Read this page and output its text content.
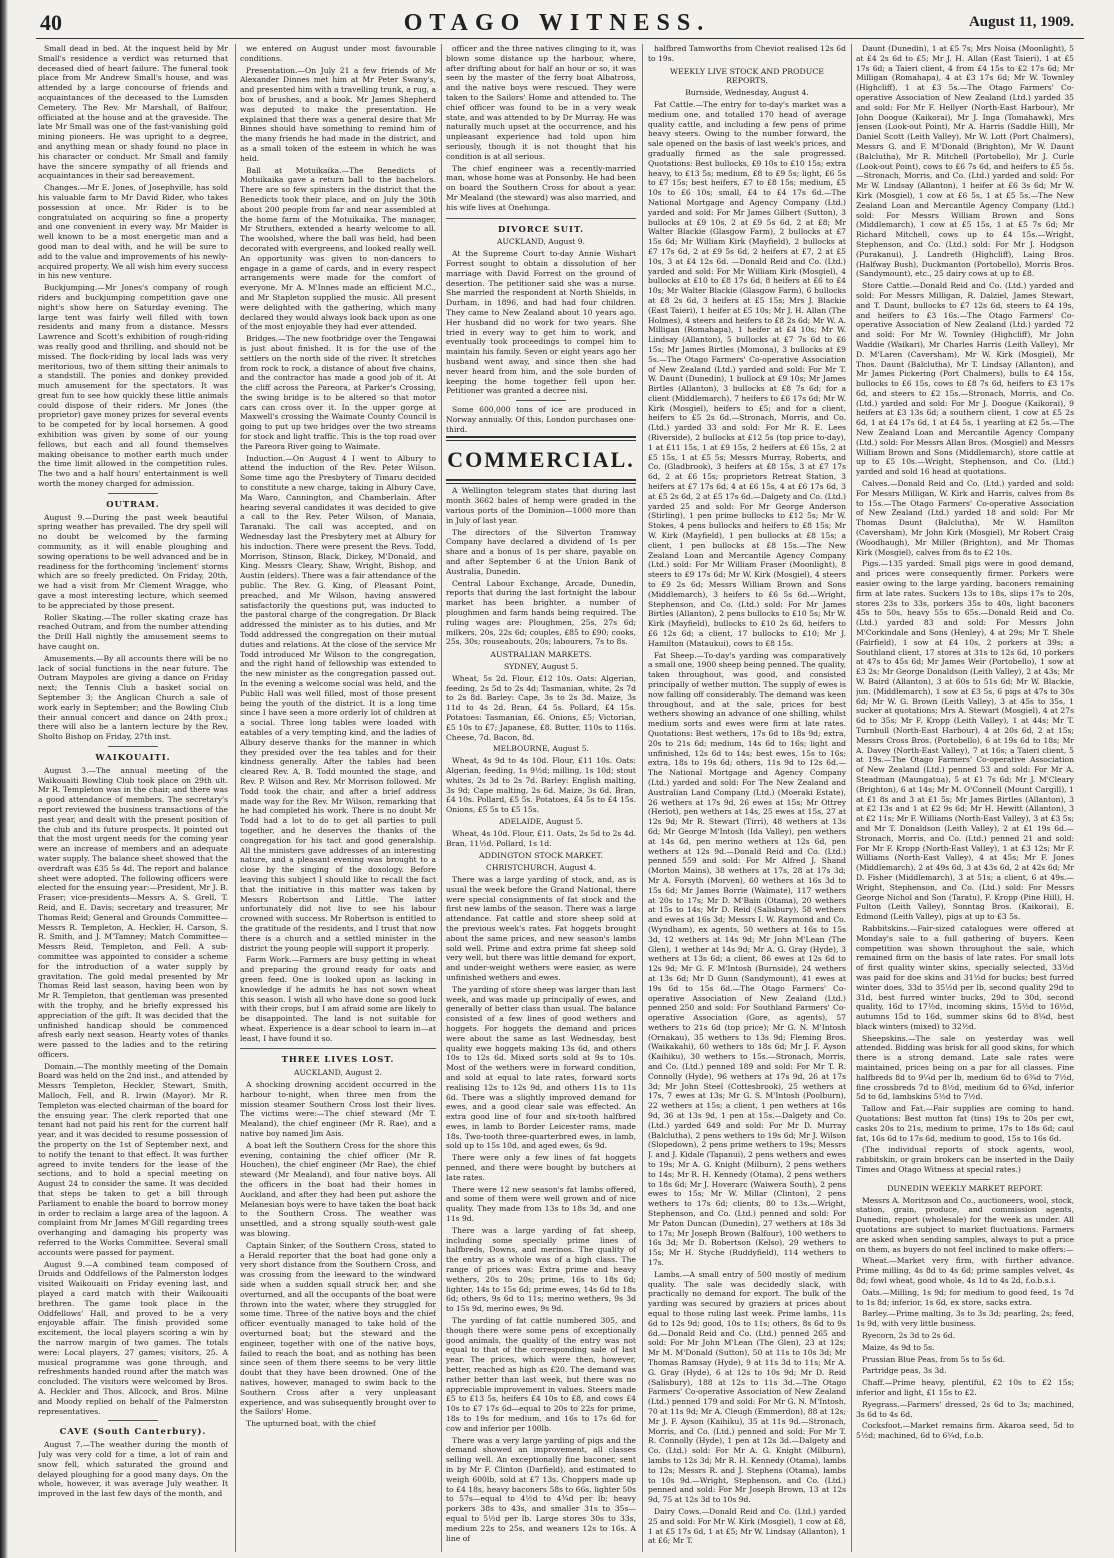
40	OTAGO WITNESS.	August 11, 1909.

Small dead in bed. At the inquest held by Mr Small's residence a verdict was returned that deceased died of heart failure. The funeral took place from Mr Andrew Small's house, and was attended by a large concourse of friends and acquaintances of the deceased to the Lumsden Cemetery. The Rev. Mr Marshall, of Balfour, officiated at the house and at the graveside. The late Mr Small was one of the fast-vanishing gold mining pioneers. He was upright to a degree, and anything mean or shady found no place in his character or conduct. Mr Small and family have the sincere sympathy of all friends and acquaintances in their sad bereavement.

Changes.—Mr E. Jones, of Josephville, has sold his valuable farm to Mr David Rider, who takes possession at once. Mr Rider is to be congratulated on acquiring so fine a property and one convenient in every way. Mr Maider is well known to be a most energetic man and a good man to deal with, and he will be sure to add to the value and improvements of his newly-acquired property. We all wish him every success in his new venture.

Buckjumping.—Mr Jones's company of rough riders and buckjumping competition gave one night's show here on Saturday evening. The large tent was fairly well filled with town residents and many from a distance. Messrs Lawrence and Scott's exhibition of rough-riding was really good and thrilling, and should not be missed. The flock-riding by local lads was very meritorious, two of them sitting their animals to a standstill. The ponies and donkey provided much amusement for the spectators. It was great fun to see how quickly these little animals could dispose of their riders. Mr Jones (the proprietor) gave money prizes for several events to be competed for by local horsemen. A good exhibition was given by some of our young fellows, but each and all found themselves making obeisance to mother earth much under the time limit allowed in the competition rules. The two and a half hours' entertainment is well worth the money charged for admission.

OUTRAM.

August 9.—During the past week beautiful spring weather has prevailed. The dry spell will no doubt be welcomed by the farming community, as it will enable ploughing and sowing operations to be well advanced and be in readiness for the forthcoming 'inclement' storms which are so freely predicted. On Friday, 20th, we had a visit from Mr Clement Wragge, who gave a most interesting lecture, which seemed to be appreciated by those present.

Roller Skating.—The roller skating craze has reached Outram, and from the number attending the Drill Hall nightly the amusement seems to have caught on.

Amusements.—By all accounts there will be no lack of social functions in the near future. The Outram Maypoles are giving a dance on Friday next; the Tennis Club a basket social on September 3; the Anglican Church a sale of work early in September; and the Bowling Club their annual concert and dance on 24th prox.; there will also be a lantern lecture by the Rev. Sholto Bishop on Friday, 27th inst.

WAIKOUAITI.

August 3.—The annual meeting of the Waikouaiti Bowling Club took place on 29th ult. Mr R. Templeton was in the chair, and there was a good attendance of members. The secretary's report reviewed the business transactions of the past year, and dealt with the present position of the club and its future prospects. It pointed out that the most urgent needs for the coming year were an increase of members and an adequate water supply. The balance sheet showed that the overdraft was £35 5s 4d. The report and balance sheet were adopted. The following officers were elected for the ensuing year:—President, Mr J. B. Fraser; vice-presidents—Messrs A. S. Grell, T. Reid, and E. Davis; secretary and treasurer, Mr Thomas Reid; General and Grounds Committee—Messrs R. Templeton, A. Heckler, H. Carson, S. R. Smith, and J. M'Tamney; Match Committee—Messrs Reid, Templeton, and Fell. A sub-committee was appointed to consider a scheme for the introduction of a water supply by gravitation. The gold medal presented by Mr Thomas Reid last season, having been won by Mr R. Templeton, that gentleman was presented with the trophy, and he briefly expressed his appreciation of the gift. It was decided that the unfinished handicap should be commenced afresh early next season. Hearty votes of thanks were passed to the ladies and to the retiring officers.

Domain.—The monthly meeting of the Domain Board was held on the 2nd inst., and attended by Messrs Templeton, Heckler, Stewart, Smith, Malloch, Fell, and R. Irwin (Mayor). Mr R. Templeton was elected chairman of the board for the ensuing year. The clerk reported that one tenant had not paid his rent for the current half year, and it was decided to resume possession of the property on the 1st of September next, and to notify the tenant to that effect. It was further agreed to invite tenders for the lease of the sections, and to hold a special meeting on August 24 to consider the same. It was decided that steps be taken to get a bill through Parliament to enable the board to borrow money in order to reclaim a large area of the lagoon. A complaint from Mr James M'Gill regarding trees overhanging and damaging his property was referred to the Works Committee. Several small accounts were passed for payment.

August 9.—A combined team composed of Druids and Oddfellows of the Palmerston lodges visited Waikouaiti on Friday evening last, and played a card match with their Waikouaiti brethren. The game took place in the Oddfellows' Hall, and proved to be a very enjoyable affair. The finish provided some excitement, the local players scoring a win by the narrow margin of two games. The totals were: Local players, 27 games; visitors, 25. A musical programme was gone through, and refreshments handed round after the match was concluded. The visitors were welcomed by Bros. A. Heckler and Thos. Allcock, and Bros. Milne and Moody replied on behalf of the Palmerston representatives.

CAVE (South Canterbury).

August 7.—The weather during the month of July was very cold for a time, a lot of rain and snow fell, which saturated the ground and delayed ploughing for a good many days. On the whole, however, it was average July weather. It improved in the last few days of the month, and

we entered on August under most favourable conditions.

Presentation.—On July 21 a few friends of Mr Alexander Dinnes met him at Mr Peter Swany's, and presented him with a travelling trunk, a rug, a box of brushes, and a book. Mr James Shepherd was deputed to make the presentation. He explained that there was a general desire that Mr Binnes should have something to remind him of the many friends he had made in the district, and as a small token of the esteem in which he was held.

Ball at Motuikaika.—The Benedicts of Motuikaika gave a return ball to the bachelors. There are so few spinsters in the district that the Benedicts took their place, and on July the 30th about 200 people from far and near assembled at the home farm of the Motuikaika. The manager, Mr Struthers, extended a hearty welcome to all. The woolshed, where the ball was held, had been decorated with evergreens, and looked really well. An opportunity was given to non-dancers to engage in a game of cards, and in every respect arrangements were made for the comfort of everyone. Mr A. M'Innes made an efficient M.C., and Mr Stapleton supplied the music. All present were delighted with the gathering, which many declared they would always look back upon as one of the most enjoyable they had ever attended.

Bridges.—The new footbridge over the Tengawai is just about finished. It is for the use of the settlers on the north side of the river. It stretches from rock to rock, a distance of about five chains, and the contractor has made a good job of it. At the cliff across the Pareora, at Parker's Crossing, the swing bridge is to be altered so that motor cars can cross over it. In the upper gorge at Maxwell's crossing the Waimate County Council is going to put up two bridges over the two streams for stock and light traffic. This is the top road over the Pareora River going to Waimate.

Induction.—On August 4 I went to Albury to attend the induction of the Rev. Peter Wilson. Some time ago the Presbytery of Timaru decided to constitute a new charge, taking in Albury Cave, Ma Waro, Cannington, and Chamberlain. After hearing several candidates it was decided to give a call to the Rev. Peter Wilson, of Manaia, Taranaki. The call was accepted, and on Wednesday last the Presbytery met at Albury for his induction. There were present the Revs. Todd, Morrison, Stinson, Black, Dickey, M'Donald, and King. Messrs Cleary, Shaw, Wright, Bishop, and Austin (elders). There was a fair attendance of the public. The Rev. G. King, of Pleasant Point, preached, and Mr Wilson, having answered satisfactorily the questions put, was inducted to the pastoral charge of the congregation. Dr Black addressed the minister as to his duties, and Mr Todd addressed the congregation on their mutual duties and relations. At the close of the service Mr Todd introduced Mr Wilson to the congregation, and the right hand of fellowship was extended to the new minister as the congregation passed out. In the evening a welcome social was held, and the Public Hall was well filled, most of those present being the youth of the district. It is a long time since I have seen a more orderly lot of children at a social. Three long tables were loaded with eatables of a very tempting kind, and the ladies of Albury deserve thanks for the manner in which they presided over the tea tables and for their kindness generally. After the tables had been cleared Rev. A. B. Todd mounted the stage, and Rev. P. Wilson and Rev. Mr Morrison followed. Mr Todd took the chair, and after a brief address made way for the Rev. Mr Wilson, remarking that he had completed his work. There is no doubt Mr Todd had a lot to do to get all parties to pull together, and he deserves the thanks of the congregation for his tact and good generalship. All the ministers gave addresses of an interesting nature, and a pleasant evening was brought to a close by the singing of the doxology. Before leaving this subject I should like to recall the fact that the initiative in this matter was taken by Messrs Robertson and Little. The latter unfortunately did not live to see his labour crowned with success. Mr Robertson is entitled to the gratitude of the residents, and I trust that now there is a church and a settled minister in the district the young people will support it properly.

Farm Work.—Farmers are busy getting in wheat and preparing the ground ready for oats and green feed. One is looked upon as lacking in knowledge if he admits he has not sown wheat this season. I wish all who have done so good luck with their crops, but I am afraid some are likely to be disappointed. The land is not suitable for wheat. Experience is a dear school to learn in—at least, I have found it so.

THREE LIVES LOST.

AUCKLAND, August 2.

A shocking drowning accident occurred in the harbour to-night, when three men from the mission steamer Southern Cross lost their lives. The victims were:—The chief steward (Mr T. Mealand), the chief engineer (Mr R. Rae), and a native boy named Jim Asis.

A boat left the Southern Cross for the shore this evening, containing the chief officer (Mr R. Houchen), the chief engineer (Mr Rae), the chief steward (Mr Mealand), and four native boys. All the officers in the boat had their homes in Auckland, and after they had been put ashore the Melanesian boys were to have taken the boat back to the Southern Cross. The weather was unsettled, and a strong squally south-west gale was blowing.

Captain Sinker, of the Southern Cross, stated to a Herald reporter that the boat had gone only a very short distance from the Southern Cross, and was crossing from the leeward to the windward side when a sudden squall struck her, and she overturned, and all the occupants of the boat were thrown into the water, where they struggled for some time. Three of the native boys and the chief officer eventually managed to take hold of the overturned boat; but the steward and the engineer, together with one of the native boys, failed to reach the boat, and as nothing has been since seen of them there seems to be very little doubt that they have been drowned. One of the natives, however, managed to swim back to the Southern Cross after a very unpleasant experience, and was subsequently brought over to the Sailors' Home.

The upturned boat, with the chief

officer and the three natives clinging to it, was blown some distance up the harbour, where, after drifting about for half an hour or so, it was seen by the master of the ferry boat Albatross, and the native boys were rescued. They were taken to the Sailors' Home and attended to. The chief officer was found to be in a very weak state, and was attended to by Dr Murray. He was naturally much upset at the occurrence, and his unpleasant experience had told upon him seriously, though it is not thought that his condition is at all serious.

The chief engineer was a recently-married man, whose home was at Ponsonby. He had been on board the Southern Cross for about a year. Mr Mealand (the steward) was also married, and his wife lives at Onehunga.

DIVORCE SUIT.

AUCKLAND, August 9.

At the Supreme Court to-day Annie Wishart Forrest sought to obtain a dissolution of her marriage with David Forrest on the ground of desertion. The petitioner said she was a nurse. She married the respondent at North Shields, in Durham, in 1896, and had had four children. They came to New Zealand about 10 years ago. Her husband did no work for two years. She tried in every way to get him to work, and eventually took proceedings to compel him to maintain his family. Seven or eight years ago her husband went away, and since then she had never heard from him, and the sole burden of keeping the home together fell upon her. Petitioner was granted a decree nisi.

Some 600,000 tons of ice are produced in Norway annually. Of this, London purchases one-third.

COMMERCIAL.

A Wellington telegram states that during last month 3662 bales of hemp were graded in the various ports of the Dominion—1000 more than in July of last year.

The directors of the Silverton Tramway Company have declared a dividend of 1s per share and a bonus of 1s per share, payable on and after September 6 at the Union Bank of Australia, Dunedin.

Central Labour Exchange, Arcade, Dunedin, reports that during the last fortnight the labour market has been brighter, a number of ploughmen and farm hands being required. The ruling wages are: Ploughmen, 25s, 27s 6d; milkers, 20s, 22s 6d; couples, £85 to £90; cooks, 25s, 30s; rouseabouts, 20s; labourers, 7s to 8s.

AUSTRALIAN MARKETS.

SYDNEY, August 5.

Wheat, 5s 2d. Flour, £12 10s. Oats: Algerian, feeding, 2s 5d to 2s 4d; Tasmanian, white, 2s 7d to 2s 8d. Barley: Cape, 3s to 2s 3d. Maize, 3s 11d to 4s 2d. Bran, £4 5s. Pollard, £4 15s. Potatoes: Tasmanian, £6. Onions, £5; Victorian, £5 10s to £7; Japanese, £8. Butter, 110s to 116s. Cheese, 7d. Bacon, 8d.

MELBOURNE, August 5.

Wheat, 4s 9d to 4s 10d. Flour, £11 10s. Oats: Algerian, feeding, 1s 9½d; milling, 1s 10d; stout whites, 2s 3d to 2s 7d. Barley: English malting, 3s 9d; Cape malting, 2s 6d. Maize, 3s 6d. Bran, £4 10s. Pollard, £5 5s. Potatoes, £4 5s to £4 15s. Onions, £5 5s to £5 15s.

ADELAIDE, August 5.

Wheat, 4s 10d. Flour, £11. Oats, 2s 5d to 2s 4d. Bran, 11½d. Pollard, 1s 1d.

ADDINGTON STOCK MARKET.

CHRISTCHURCH, August 4.

There was a large yarding of stock, and, as is usual the week before the Grand National, there were special consignments of fat stock and the first new lambs of the season. There was a large attendance. Fat cattle and store sheep sold at the previous week's rates. Fat hoggets brought about the same prices, and new season's lambs sold well. Prime and extra prime fat sheep sold very well, but there was little demand for export, and under-weight wethers were easier, as were unfinished wethers and ewes.

The yarding of store sheep was larger than last week, and was made up principally of ewes, and generally of better class than usual. The balance consisted of a few lines of good wethers and hoggets. For hoggets the demand and prices were about the same as last Wednesday, best quality ewe hoggets making 13s 6d, and others 10s to 12s 6d. Mixed sorts sold at 9s to 10s. Most of the wethers were in forward condition, and sold at equal to late rates, forward sorts realising 12s to 12s 9d, and others 11s to 11s 6d. There was a slightly improved demand for ewes, and a good clear sale was effected. An extra good line of four and six-tooth halfbred ewes, in lamb to Border Leicester rams, made 18s. Two-tooth three-quarterbred ewes, in lamb, sold up to 15s 10d, and aged ewes, 6s 9d.

There were only a few lines of fat hoggets penned, and there were bought by butchers at late rates.

There were 12 new season's fat lambs offered, and some of them were well grown and of nice quality. They made from 13s to 18s 3d, and one 11s 9d.

There was a large yarding of fat sheep, including some specially prime lines of halfbreds, Downs, and merinos. The quality of the entry as a whole was of a high class. The range of prices was: Extra prime and heavy wethers, 20s to 20s; prime, 16s to 18s 6d; lighter, 14s to 15s 6d; prime ewes, 14s 6d to 18s 6d; others, 9s 6d to 11s; merino wethers, 9s 3d to 15s 9d, merino ewes, 9s 9d.

The yarding of fat cattle numbered 305, and though there were some pens of exceptionally good animals, the quality of the entry was not equal to that of the corresponding sale of last year. The prices, which were then, however, better, reached as high as £20. The demand was rather better than last week, but there was no appreciable improvement in values. Steers made £5 to £13 5s, heifers £4 10s to £8, and cows £4 10s to £7 17s 6d—equal to 20s to 22s for prime, 18s to 19s for medium, and 16s to 17s 6d for cow and inferior per 100lb.

There was a very large yarding of pigs and the demand showed an improvement, all classes selling well. An exceptionally fine baconer, sent in by Mr F. Clinton (Darfield), and estimated to weigh 600lb, sold at £7 13s. Choppers made up to £4 18s, heavy baconers 58s to 66s, lighter 50s to 57s—equal to 4½d to 4¾d per lb; heavy porkers 38s to 43s, and smaller 31s to 35s—equal to 5½d per lb. Large stores 30s to 33s, medium 22s to 25s, and weaners 12s to 16s. A line of

halfbred Tamworths from Cheviot realised 12s 6d to 19s.

WEEKLY LIVE STOCK AND PRODUCE REPORTS.

Burnside, Wednesday, August 4.

Fat Cattle.—The entry for to-day's market was a medium one, and totalled 170 head of average quality cattle, and including a few pens of prime heavy steers. Owing to the number forward, the sale opened on the basis of last week's prices, and gradually firmed as the sale progressed. Quotations: Best bullocks, £9 10s to £10 15s; extra heavy, to £13 5s; medium, £8 to £9 5s; light, £6 5s to £7 15s; best heifers, £7 to £8 15s; medium, £5 10s to £6 10s; small, £4 to £4 17s 6d.—The National Mortgage and Agency Company (Ltd.) yarded and sold: For Mr James Gilbert (Sutton), 3 bullocks at £9 10s, 2 at £9 5s 6d, 2 at £8; Mr Walter Blackie (Glasgow Farm), 2 bullocks at £7 15s 6d; Mr William Kirk (Mayfield), 2 bullocks at £7 17s 6d, 2 at £9 5s 6d, 2 heifers at £7, 2 at £5 10s, 3 at £4 12s 6d. —Donald Reid and Co. (Ltd.) yarded and sold: For Mr William Kirk (Mosgiel), 4 bullocks at £10 to £8 17s 6d, 8 heifers at £6 to £4 10s; Mr Walter Blackie (Glasgow Farm), 6 bullocks at £8 2s 6d, 3 heifers at £5 15s; Mrs J. Blackie (East Taieri), 1 heifer at £5 10s; Mr J. H. Allan (The Holmes), 4 steers and heifers to £8 2s 6d; Mr W. A. Milligan (Romahapa), 1 heifer at £4 10s; Mr W. Lindsay (Allanton), 5 bullocks at £7 7s 6d to £6 15s; Mr James Birtles (Momona), 3 bullocks at £9 5s.—The Otago Farmers' Co-operative Association of New Zealand (Ltd.) yarded and sold: For Mr T. W. Daunt (Dunedin), 1 bullock at £9 10s; Mr James Birtles (Allanton), 3 bullocks at £8 7s 6d; for a client (Middlemarch), 7 heifers to £6 17s 6d; Mr W. Kirk (Mosgiel), heifers to £5; and for a client, heifers to £5 2s 6d.—Stronach, Morris, and Co. (Ltd.) yarded 33 and sold: For Mr R. E. Lees (Riverside), 2 bullocks at £12 5s (top price to-day), 1 at £11 15s, 1 at £9 15s, 2 heifers at £6 15s, 2 at £5 15s, 1 at £5 5s; Messrs Murray, Roberts, and Co. (Gladbrook), 3 heifers at £8 15s, 3 at £7 17s 6d, 2 at £6 15s; proprietors Retreat Station, 3 heifers at £7 17s 6d, 4 at £6 15s, 4 at £6 17s 6d, 3 at £5 2s 6d, 2 at £5 17s 6d.—Dalgety and Co. (Ltd.) yarded 25 and sold: For Mr George Anderson (Stirling), 1 pen prime bullocks to £12 5s; Mr W. Stokes, 4 pens bullocks and heifers to £8 15s; Mr W. Kirk (Mayfield), 1 pen bullocks at £8 15s; a client, 1 pen bullocks at £8 15s.—The New Zealand Loan and Mercantile Agency Company (Ltd.) sold: For Mr William Fraser (Moonlight), 8 steers to £9 17s 6d; Mr W. Kirk (Mosgiel), 4 steers to £9 2s 6d; Messrs William Brown and Sons (Middlemarch), 3 heifers to £6 5s 6d.—Wright, Stephenson, and Co. (Ltd.) sold: For Mr James Birtles (Allanton), 2 pens bullocks to £10 5s; Mr W. Kirk (Mayfield), bullocks to £10 2s 6d, heifers to £6 12s 6d; a client, 17 bullocks to £10; Mr J. Hamilton (Mataukui), cows to £8 15s.

Fat Sheep.—To-day's yarding was comparatively a small one, 1900 sheep being penned. The quality, taken throughout, was good, and consisted principally of wether mutton. The supply of ewes is now falling off considerably. The demand was keen throughout, and at the sale, prices for best wethers showing an advance of one shilling, whilst medium sorts and ewes were firm at late rates. Quotations: Best wethers, 17s 6d to 18s 9d; extra, 20s to 21s 6d; medium, 14s 6d to 16s; light and unfinished, 12s 6d to 14s; best ewes, 15s to 16s; extra, 18s to 19s 6d; others, 11s 9d to 12s 6d.—The National Mortgage and Agency Company (Ltd.) yarded and sold: For The New Zealand and Australian Land Company (Ltd.) (Moeraki Estate), 26 wethers at 17s 9d, 26 ewes at 15s; Mr Ottrey (Heriot), pen wethers at 14s, 25 ewes at 15s, 27 at 12s 9d; Mr R. Stewart (Tirri), 48 wethers at 13s 6d; Mr George M'Intosh (Ida Valley), pen wethers at 14s 6d, pen merino wethers at 12s 6d, pen wethers at 12s 9d.—Donald Reid and Co. (Ltd.) penned 559 and sold: For Mr Alfred J. Shand (Morton Mains), 38 wethers at 17s, 28 at 17s 3d; Mr A. Forsyth (Morven), 60 wethers at 16s 3d to 15s 6d; Mr James Borrie (Waimate), 117 wethers at 20s to 17s; Mr D. M'Bain (Otama), 20 wethers at 15s to 14s; Mr D. Reid (Salisbury), 58 wethers and ewes at 16s 3d; Messrs I. W. Raymond and Co. (Wyndham), ex agents, 50 wethers at 16s to 15s 3d, 12 wethers at 14s 9d; Mr John M'Lean (The Glen), 1 wether at 14s 9d; Mr A. G. Gray (Hyde), 3 wethers at 13s 6d; a client, 86 ewes at 12s 6d to 12s 9d; Mr G. F. M'Intosh (Burnside), 24 wethers at 13s 6d; Mr D Gunn (Sandymount), 41 ewes at 19s 6d to 15s 6d.—The Otago Farmers' Co-operative Association of New Zealand (Ltd.) penned 250 and sold: For Southland Farmers' Co-operative Association (Gore, as agents), 57 wethers to 21s 6d (top price); Mr G. N. M'Intosh (Ornakau), 35 wethers to 13s 9d; Fleming Bros. (Waikakahi), 60 wethers to 18s 6d; Mr J. F. Ayson (Kaihiku), 30 wethers to 15s.—Stronach, Morris, and Co. (Ltd.) penned 189 and sold: For Mr T. R. Connolly (Hyde), 96 wethers at 17s 9d, 26 at 17s 3d; Mr John Steel (Cottesbrook), 25 wethers at 17s, 7 ewes at 13s; Mr G. S. M'Intosh (Poolburn), 22 wethers at 15s; a client, 1 pen wethers at 16s 9d, 36 at 13s 9d, 1 pen at 15s.—Dalgety and Co. (Ltd.) yarded 649 and sold: For Mr D. Murray (Balclutha), 2 pens wethers to 19s 6d; Mr J. Wilson (Slopedown), 2 pens prime wethers to 19s; Messrs J. and J. Kidale (Tapanui), 2 pens wethers and ewes to 19s; Mr A. G. Knight (Milburn), 2 pens wethers to 14s; Mr R. H. Kennedy (Otama), 2 pens wethers to 18s 6d; Mr J. Hoverarc (Waiwera South), 2 pens ewes to 15s; Mr W. Millar (Clinton), 2 pens wethers to 17s 6d; clients, 80 to 13s.—Wright, Stephenson, and Co. (Ltd.) penned and sold: For Mr Paton Duncan (Dunedin), 27 wethers at 18s 3d to 17s; Mr Joseph Brown (Balfour), 100 wethers to 16s 3d; Mr D. Robertson (Kelso), 29 wethers to 15s; Mr H. Styche (Ruddyfield), 114 wethers to 17s.

Lambs.—A small entry of 500 mostly of medium quality. The sale was decidedly slack, with practically no demand for export. The bulk of the yarding was secured by graziers at prices about equal to those ruling last week. Prime lambs, 11s 6d to 12s 9d; good, 10s to 11s; others, 8s 6d to 9s 6d.—Donald Reid and Co. (Ltd.) penned 265 and sold: For Mr John M'Lean (The Glen), 23 at 12s; Mr M. M'Donald (Sutton), 50 at 11s to 10s 3d; Mr Thomas Ramsay (Hyde), 9 at 11s 3d to 11s; Mr A. G. Gray (Hyde), 6 at 12s to 10s 9d; Mr D. Reid (Salisbury), 188 at 12s to 11s 3d.—The Otago Farmers' Co-operative Association of New Zealand (Ltd.) penned 179 and sold: For Mr G. N. M'Intosh, 70 at 11s 9d; Mr A. Cleugh (Emmerdon), 88 at 12s; Mr J. F. Ayson (Kaihiku), 35 at 11s 9d.—Stronach, Morris, and Co. (Ltd.) penned and sold: For Mr T. R. Connolly (Hyde), 1 pen at 12s 3d.—Dalgety and Co. (Ltd.) sold: For Mr A. G. Knight (Milburn), lambs to 12s 3d; Mr R. H. Kennedy (Otama), lambs to 12s; Messrs R. and J. Stephens (Otama), lambs to 10s 9d.—Wright, Stephenson, and Co. (Ltd.) penned and sold: For Mr Joseph Brown, 13 at 12s 9d, 75 at 12s 3d to 10s 9d.

Dairy Cows.—Donald Reid and Co. (Ltd.) yarded 25 and sold: For Mr W. Kirk (Mosgiel), 1 cow at £8, 1 at £5 17s 6d, 1 at £5; Mr W. Lindsay (Allanton), 1 at £6; Mr T.

Daunt (Dunedin), 1 at £5 7s; Mrs Noisa (Moonlight), 5 at £4 2s 6d to £5; Mr J. H. Allan (East Taieri), 1 at £5 17s 6d; a Taieri client, 4 from £4 15s to £2 17s 6d; Mr Milligan (Romahapa), 4 at £3 17s 6d; Mr W. Townley (Highcliff), 1 at £3 5s.—The Otago Farmers' Co-operative Association of New Zealand (Ltd.) yarded 35 and sold: For Mr F. Hellyer (North-East Harbour), Mr John Doogue (Kaikorai), Mr J. Inga (Tomahawk), Mrs Jensen (Look-out Point), Mr A. Harris (Saddle Hill), Mr Daniel Scott (Leith Valley), Mr W. Lott (Port Chalmers), Messrs G. and F. M'Donald (Brighton), Mr W. Daunt (Balclutha), Mr R. Mitchell (Portobello), Mr J. Curle (Look-out Point), cows to £6 7s 6d, and heifers to £5 5s.—Stronach, Morris, and Co. (Ltd.) yarded and sold: For Mr W. Lindsay (Allanton), 1 heifer at £6 3s 6d; Mr W. Kirk (Mosgiel), 1 cow at £6 5s, 1 at £5 5s.—The New Zealand Loan and Mercantile Agency Company (Ltd.) sold: For Messrs William Brown and Sons (Middlemarch), 1 cow at £5 15s, 1 at £5 7s 6d; Mr Richard Mitchell, cows up to £4 15s.—Wright, Stephenson, and Co. (Ltd.) sold: For Mr J. Hodgson (Purakanui), J. Landreth (Highcliff), Laing Bros. (Halfway Bush), Duckmanton (Portobello), Morris Bros. (Sandymount), etc., 25 dairy cows at up to £8.

Store Cattle.—Donald Reid and Co. (Ltd.) yarded and sold: For Messrs Milligan, R. Dalziel, James Stewart, and T. Daunt, bullocks to £7 12s 6d, steers to £4 19s, and heifers to £3 16s.—The Otago Farmers' Co-operative Association of New Zealand (Ltd.) yarded 72 and sold: For Mr W. Townley (Highcliff), Mr John Waddie (Waikari), Mr Charles Harris (Leith Valley), Mr D. M'Laren (Caversham), Mr W. Kirk (Mosgiel), Mr Thos. Daunt (Balclutha), Mr T. Lindsay (Allanton), and Mr James Pickering (Port Chalmers), bulls to £4 15s, bullocks to £6 15s, cows to £8 7s 6d, heifers to £3 17s 6d, and steers to £2 15s.—Stronach, Morris, and Co. (Ltd.) yarded and sold: For Mr J. Doogue (Kaikorai), 9 heifers at £3 13s 6d; a southern client, 1 cow at £5 2s 6d, 1 at £4 17s 6d, 1 at £4 5s, 1 yearling at £2 5s.—The New Zealand Loan and Mercantile Agency Company (Ltd.) sold: For Messrs Allan Bros. (Mosgiel) and Messrs William Brown and Sons (Middlemarch), store cattle at up to £5 10s.—Wright, Stephenson, and Co. (Ltd.) yarded and sold 16 head at quotations.

Calves.—Donald Reid and Co. (Ltd.) yarded and sold: For Messrs Milligan, W. Kirk and Harris, calves from 8s to 15s.—The Otago Farmers' Co-operative Association of New Zealand (Ltd.) yarded 18 and sold: For Mr Thomas Daunt (Balclutha), Mr W. Hamilton (Caversham), Mr John Kirk (Mosgiel), Mr Robert Craig (Woodhaugh), Mr Miller (Brighton), and Mr Thomas Kirk (Mosgiel), calves from 8s to £2 10s.

Pigs.—135 yarded. Small pigs were in good demand, and prices were consequently firmer. Porkers were easier owing to the large yarding, baconers remaining firm at late rates. Suckers 13s to 18s, slips 17s to 20s, stores 23s to 33s, porkers 35s to 40s, light baconers 45s to 50s, heavy 55s to 65s.—Donald Reid and Co. (Ltd.) yarded 83 and sold: For Messrs John M'Corkindale and Sons (Henley), 4 at 29s; Mr T. Shele (Fairfield), 1 sow at £4 10s, 2 porkers at 39s; a Southland client, 17 stores at 31s to 12s 6d, 10 porkers at 47s to 45s 6d; Mr James Weir (Portobello), 1 sow at £3 2s; Mr George Donaldson (Leith Valley), 2 at 43s; Mr W. Baird (Allanton), 3 at 60s to 51s 6d; Mr W. Blackie, jun. (Middlemarch), 1 sow at £3 5s, 6 pigs at 47s to 30s 6d; Mr W. G. Brown (Leith Valley), 3 at 45s to 35s, 1 sucker at quotations; Mrs A. Stewart (Mosgiel), 4 at 27s 6d to 35s; Mr F. Kropp (Leith Valley), 1 at 44s; Mr T. Turnbull (North-East Harbour), 4 at 20s 6d, 2 at 15s; Messrs Cross Bros. (Portobello), 6 at 19s 6d to 18s; Mr A. Davey (North-East Valley), 7 at 16s; a Taieri client, 5 at 19s.—The Otago Farmers' Co-operative Association of New Zealand (Ltd.) penned 53 and sold: For Mr A. Steadman (Maungatua), 5 at £1 7s 6d; Mr J. M'Cleary (Brighton), 6 at 14s; Mr M. O'Connell (Mount Cargill), 1 at £1 8s and 3 at £1 5s; Mr James Birtles (Allanton), 3 at £2 13s and 1 at £2 9s 6d; Mr H. Hewitt (Allanton), 3 at £2 11s; Mr F. Williams (North-East Valley), 3 at £3 5s; and Mr T. Donaldson (Leith Valley), 2 at £1 19s 6d.—Stronach, Morris, and Co. (Ltd.) penned 21 and sold: For Mr F. Kropp (North-East Valley), 1 at £3 12s; Mr F. Williams (North-East Valley), 4 at 45s; Mr F. Jones (Middlemarch), 2 at 49s 6d, 3 at 43s 6d, 2 at 42s 6d; Mr D. Fisher (Middlemarch), 3 at 51s; a client, 6 at 49s.—Wright, Stephenson, and Co. (Ltd.) sold: For Messrs George Nichol and Son (Taratu), F. Kropp (Pine Hill), H. Fulton (Leith Valley), Sonntag Bros. (Kaikorai), E. Edmond (Leith Valley), pigs at up to £3 5s.

Rabbitskins.—Fair-sized catalogues were offered at Monday's sale to a full gathering of buyers. Keen competition was shown throughout the sale, which remained firm on the basis of late rates. For small lots of first quality winter skins, specially selected, 33½d was paid for doe skins and 31½d for bucks; best furred winter does, 33d to 35½d per lb, second quality 29d to 31d, best furred winter bucks, 29d to 30d, second quality, 16d to 17½d, incoming skins, 15½d to 16½d, autumns 15d to 16d, summer skins 6d to 8¼d, best black winters (mixed) to 32½d.

Sheepskins.—The sale on yesterday was well attended. Bidding was brisk for all good skins, for which there is a strong demand. Late sale rates were maintained, prices being on a par for all classes. Fine halfbreds 8d to 9¼d per lb, medium 6d to 6¾d to 7½d, fine crossbreds 7d to 8½d, medium 6d to 6¾d, inferior 5d to 6d, lambskins 5½d to 7½d.

Tallow and Fat.—Fair supplies are coming to hand. Quotations: Best mutton fat (tins) 19s to 20s per cwt, casks 20s to 21s, medium to prime, 17s to 18s 6d; caul fat, 16s 6d to 17s 6d, medium to good, 15s to 16s 6d.

(The individual reports of stock agents, wool, rabbitskin, or grain brokers can be inserted in the Daily Times and Otago Witness at special rates.)

DUNEDIN WEEKLY MARKET REPORT.

Messrs A. Moritzson and Co., auctioneers, wool, stock, station, grain, produce, and commission agents, Dunedin, report (wholesale) for the week as under. All quotations are subject to market fluctuations. Farmers are asked when sending samples, always to put a price on them, as buyers do not feel inclined to make offers:—

Wheat.—Market very firm, with further advance. Prime milling, 4s 8d to 4s 6d; prime samples velvet, 4s 8d; fowl wheat, good whole, 4s 1d to 4s 2d, f.o.b.s.i.

Oats.—Milling, 1s 9d; for medium to good feed, 1s 7d to 1s 8d; inferior, 1s 6d, ex store, sacks extra.

Barley.—Prime malting, 3s to 3s 3d; pearling, 2s; feed, 1s 9d, with very little business.

Ryecorn, 2s 3d to 2s 6d.

Maize, 4s 9d to 5s.

Prussian Blue Peas, from 5s to 5s 6d.

Partridge peas, 3s 3d.

Chaff.—Prime heavy, plentiful, £2 10s to £2 15s; inferior and light, £1 15s to £2.

Ryegrass.—Farmers' dressed, 2s 6d to 3s; machined, 3s 6d to 4s 6d.

Cocksfoot.—Market remains firm. Akaroa seed, 5d to 5½d; machined, 6d to 6¼d, f.o.b.
